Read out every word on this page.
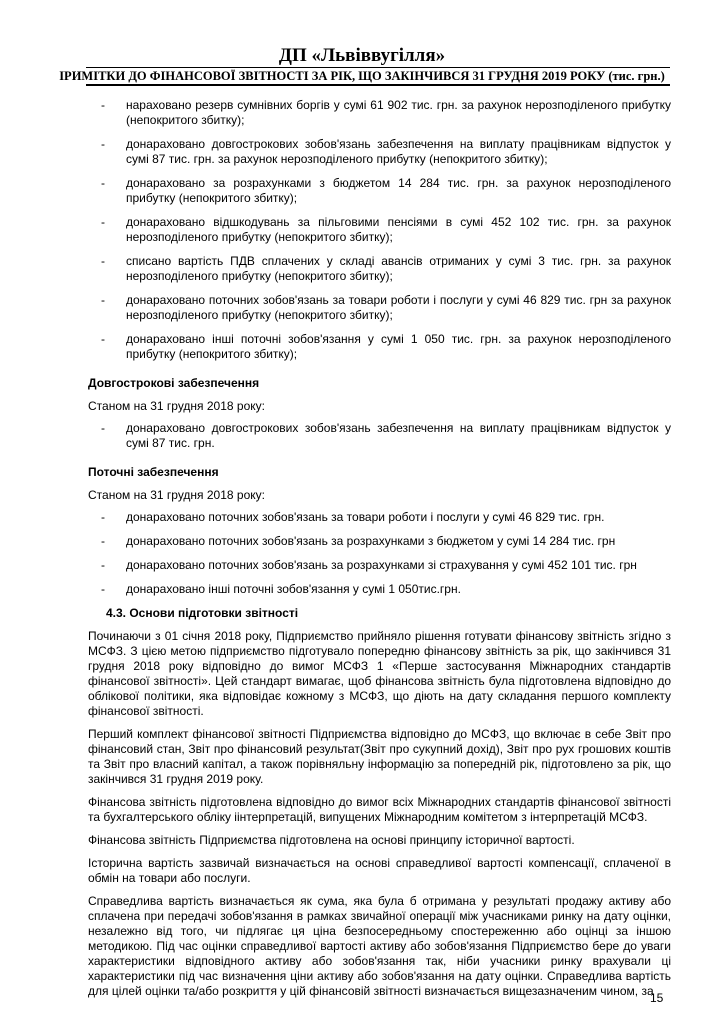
ДП «Львіввугілля»
ІРИМІТКИ ДО ФІНАНСОВОЇ ЗВІТНОСТІ ЗА РІК, ЩО ЗАКІНЧИВСЯ 31 ГРУДНЯ 2019 РОКУ (тис. грн.)
- нараховано резерв сумнівних боргів у сумі 61 902 тис. грн. за рахунок нерозподіленого прибутку (непокритого збитку);
- донараховано довгострокових зобов'язань забезпечення на виплату працівникам відпусток у сумі 87 тис. грн. за рахунок нерозподіленого прибутку (непокритого збитку);
- донараховано за розрахунками з бюджетом 14 284 тис. грн. за рахунок нерозподіленого прибутку (непокритого збитку);
- донараховано відшкодувань за пільговими пенсіями в сумі 452 102 тис. грн. за рахунок нерозподіленого прибутку (непокритого збитку);
- списано вартість ПДВ сплачених у складі авансів отриманих у сумі 3 тис. грн. за рахунок нерозподіленого прибутку (непокритого збитку);
- донараховано поточних зобов'язань за товари роботи і послуги у сумі 46 829 тис. грн за рахунок нерозподіленого прибутку (непокритого збитку);
- донараховано інші поточні зобов'язання у сумі 1 050 тис. грн. за рахунок нерозподіленого прибутку (непокритого збитку);
Довгострокові забезпечення
Станом на 31 грудня 2018 року:
- донараховано довгострокових зобов'язань забезпечення на виплату працівникам відпусток у сумі 87 тис. грн.
Поточні забезпечення
Станом на 31 грудня 2018 року:
- донараховано поточних зобов'язань за товари роботи і послуги у сумі 46 829 тис. грн.
- донараховано поточних зобов'язань за розрахунками з бюджетом у сумі 14 284 тис. грн
- донараховано поточних зобов'язань за розрахунками зі страхування у сумі 452 101 тис. грн
- донараховано інші поточні зобов'язання у сумі 1 050тис.грн.
4.3. Основи підготовки звітності
Починаючи з 01 січня 2018 року, Підприємство прийняло рішення готувати фінансову звітність згідно з МСФЗ. З цією метою підприємство підготувало попередню фінансову звітність за рік, що закінчився 31 грудня 2018 року відповідно до вимог МСФЗ 1 «Перше застосування Міжнародних стандартів фінансової звітності». Цей стандарт вимагає, щоб фінансова звітність була підготовлена відповідно до облікової політики, яка відповідає кожному з МСФЗ, що діють на дату складання першого комплекту фінансової звітності.
Перший комплект фінансової звітності Підприємства відповідно до МСФЗ, що включає в себе Звіт про фінансовий стан, Звіт про фінансовий результат(Звіт про сукупний дохід), Звіт про рух грошових коштів та Звіт про власний капітал, а також порівняльну інформацію за попередній рік, підготовлено за рік, що закінчився 31 грудня 2019 року.
Фінансова звітність підготовлена відповідно до вимог всіх Міжнародних стандартів фінансової звітності та бухгалтерського обліку іінтерпретацій, випущених Міжнародним комітетом з інтерпретацій МСФЗ.
Фінансова звітність Підприємства підготовлена на основі принципу історичної вартості.
Історична вартість зазвичай визначається на основі справедливої вартості компенсації, сплаченої в обмін на товари або послуги.
Справедлива вартість визначається як сума, яка була б отримана у результаті продажу активу або сплачена при передачі зобов'язання в рамках звичайної операції між учасниками ринку на дату оцінки, незалежно від того, чи підлягає ця ціна безпосередньому спостереженню або оцінці за іншою методикою. Під час оцінки справедливої вартості активу або зобов'язання Підприємство бере до уваги характеристики відповідного активу або зобов'язання так, ніби учасники ринку врахували ці характеристики під час визначення ціни активу або зобов'язання на дату оцінки. Справедлива вартість для цілей оцінки та/або розкриття у цій фінансовій звітності визначається вищезазначеним чином, за
15
